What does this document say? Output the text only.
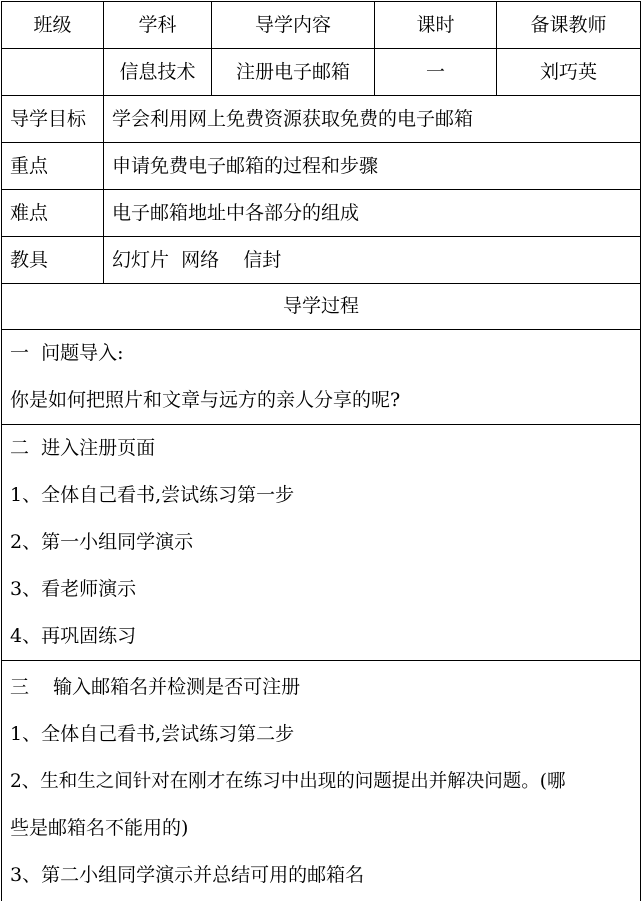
班级	学科	导学内容	课时	备课教师
	信息技术	注册电子邮箱	一	刘巧英
导学目标	学会利用网上免费资源获取免费的电子邮箱			
重点	申请免费电子邮箱的过程和步骤			
难点	电子邮箱地址中各部分的组成			
教具	幻灯片  网络    信封			
导学过程				

一  问题导入:
你是如何把照片和文章与远方的亲人分享的呢?				

二  进入注册页面
1、全体自己看书,尝试练习第一步
2、第一小组同学演示
3、看老师演示
4、再巩固练习				

三    输入邮箱名并检测是否可注册
1、全体自己看书,尝试练习第二步
2、生和生之间针对在刚才在练习中出现的问题提出并解决问题。(哪
些是邮箱名不能用的)
3、第二小组同学演示并总结可用的邮箱名				
